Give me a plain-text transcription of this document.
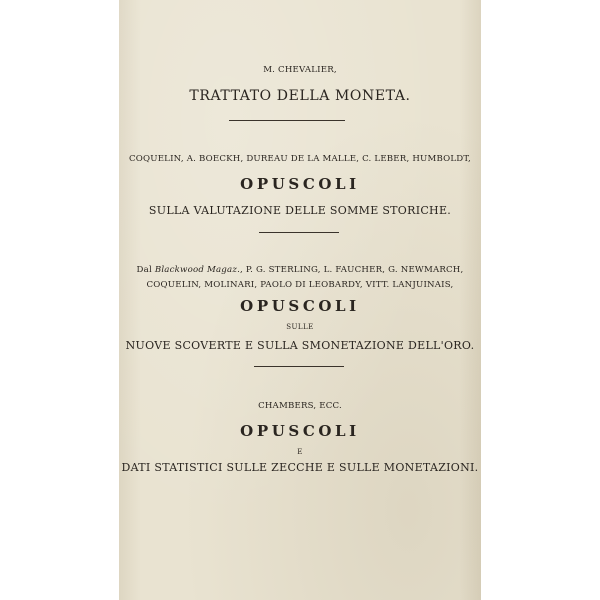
M. CHEVALIER,
TRATTATO DELLA MONETA.
COQUELIN, A. BOECKH, DUREAU DE LA MALLE, C. LEBER, HUMBOLDT,
OPUSCOLI
SULLA VALUTAZIONE DELLE SOMME STORICHE.
Dal Blackwood Magaz., P. G. STERLING, L. FAUCHER, G. NEWMARCH,
COQUELIN, MOLINARI, PAOLO DI LEOBARDY, VITT. LANJUINAIS,
OPUSCOLI
SULLE
NUOVE SCOVERTE E SULLA SMONETAZIONE DELL'ORO.
CHAMBERS, ECC.
OPUSCOLI
E
DATI STATISTICI SULLE ZECCHE E SULLE MONETAZIONI.
